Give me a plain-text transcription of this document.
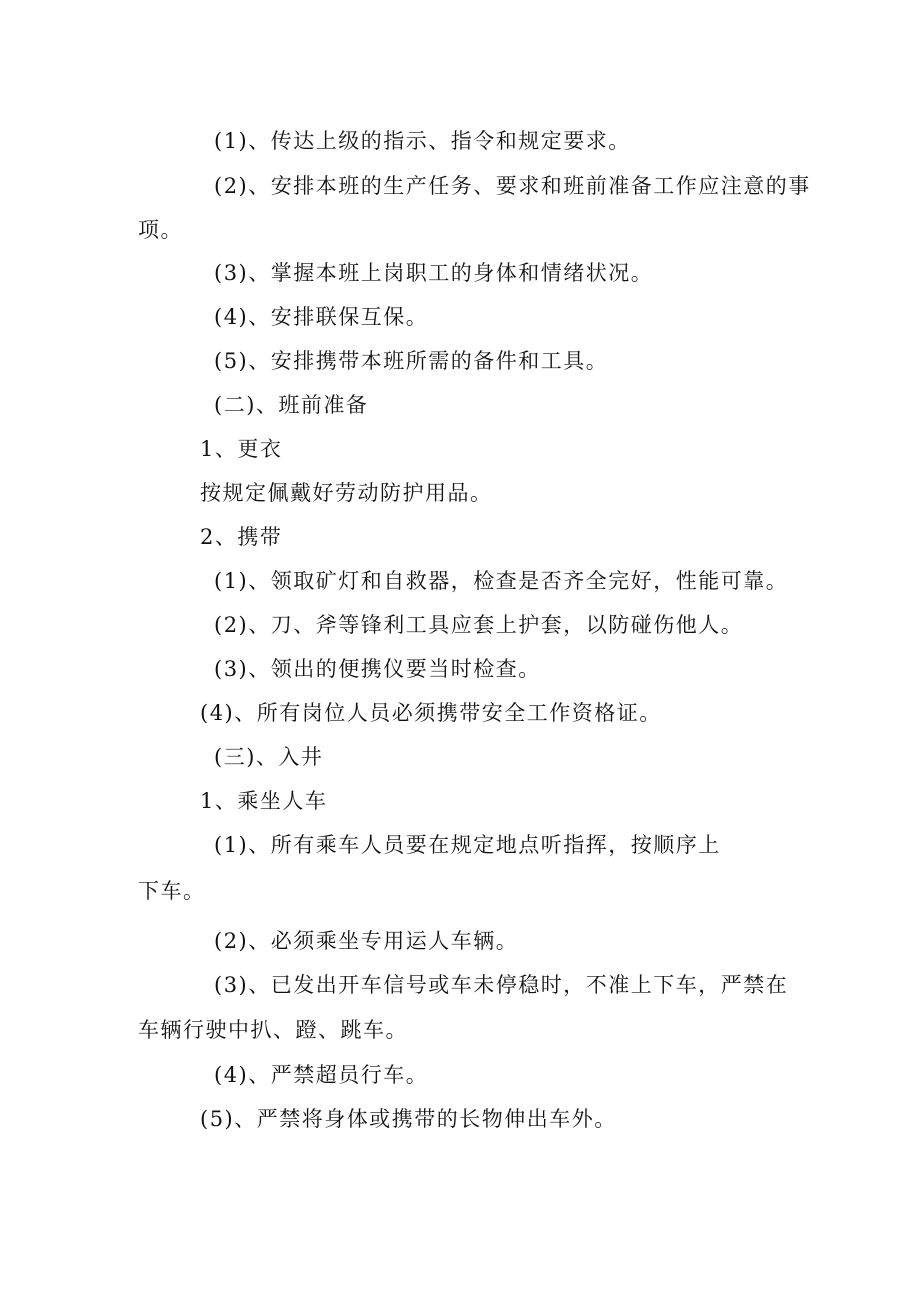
(1)、传达上级的指示、指令和规定要求。

(2)、安排本班的生产任务、要求和班前准备工作应注意的事

项。

(3)、掌握本班上岗职工的身体和情绪状况。

(4)、安排联保互保。

(5)、安排携带本班所需的备件和工具。

(二)、班前准备

1、更衣

按规定佩戴好劳动防护用品。

2、携带

(1)、领取矿灯和自救器，检查是否齐全完好，性能可靠。

(2)、刀、斧等锋利工具应套上护套，以防碰伤他人。

(3)、领出的便携仪要当时检查。

(4)、所有岗位人员必须携带安全工作资格证。

(三)、入井

1、乘坐人车

(1)、所有乘车人员要在规定地点听指挥，按顺序上

下车。

(2)、必须乘坐专用运人车辆。

(3)、已发出开车信号或车未停稳时，不准上下车，严禁在

车辆行驶中扒、蹬、跳车。

(4)、严禁超员行车。

(5)、严禁将身体或携带的长物伸出车外。
